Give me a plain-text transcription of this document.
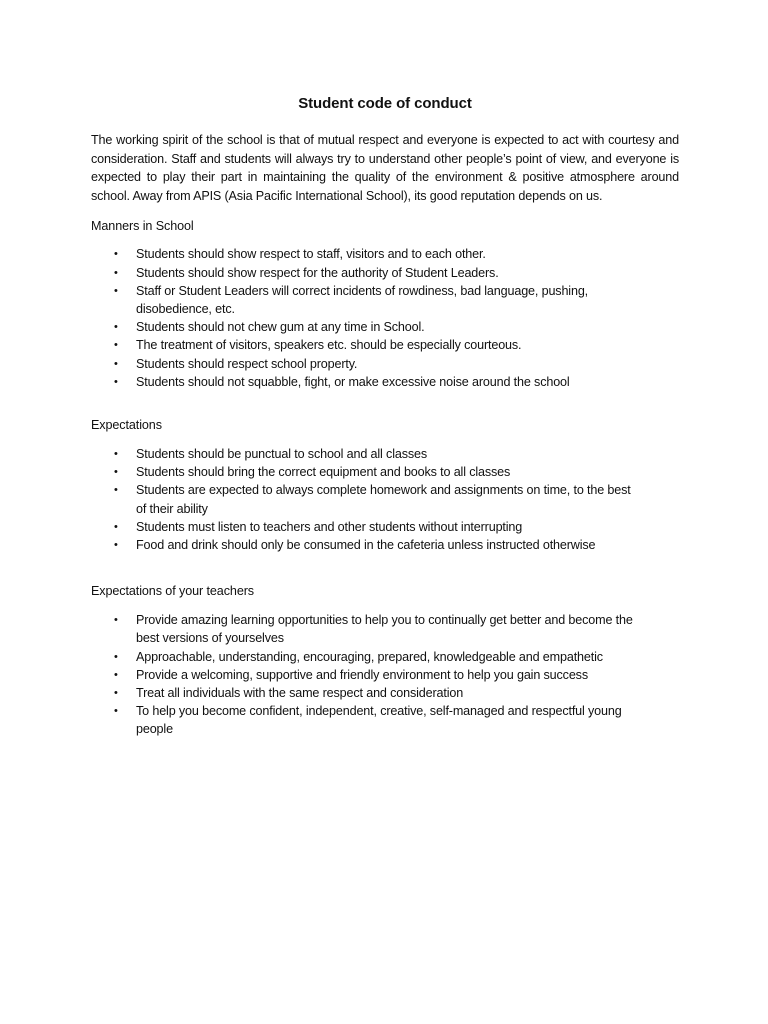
Student code of conduct

The working spirit of the school is that of mutual respect and everyone is expected to act with courtesy and consideration. Staff and students will always try to understand other people’s point of view, and everyone is expected to play their part in maintaining the quality of the environment & positive atmosphere around school. Away from APIS (Asia Pacific International School), its good reputation depends on us.

Manners in School
•	Students should show respect to staff, visitors and to each other.
•	Students should show respect for the authority of Student Leaders.
•	Staff or Student Leaders will correct incidents of rowdiness, bad language, pushing, disobedience, etc.
•	Students should not chew gum at any time in School.
•	The treatment of visitors, speakers etc. should be especially courteous.
•	Students should respect school property.
•	Students should not squabble, fight, or make excessive noise around the school
Expectations
•	Students should be punctual to school and all classes
•	Students should bring the correct equipment and books to all classes
•	Students are expected to always complete homework and assignments on time, to the best of their ability
•	Students must listen to teachers and other students without interrupting
•	Food and drink should only be consumed in the cafeteria unless instructed otherwise
Expectations of your teachers
•	Provide amazing learning opportunities to help you to continually get better and become the best versions of yourselves
•	Approachable, understanding, encouraging, prepared, knowledgeable and empathetic
•	Provide a welcoming, supportive and friendly environment to help you gain success
•	Treat all individuals with the same respect and consideration
•	To help you become confident, independent, creative, self-managed and respectful young people
